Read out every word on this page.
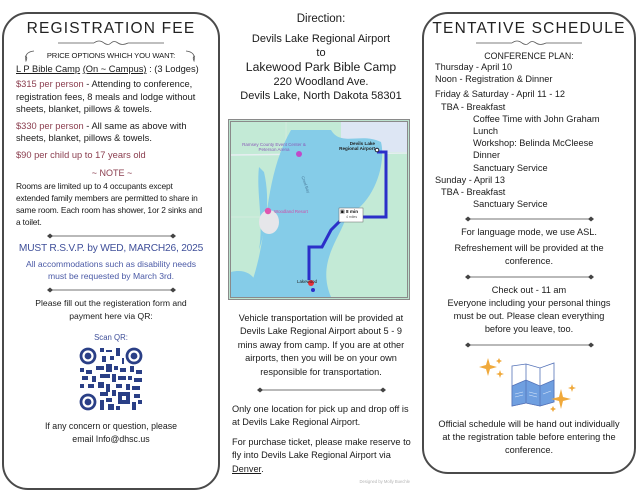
REGISTRATION FEE
PRICE OPTIONS WHICH YOU WANT:
L P Bible Camp (On ~ Campus) : (3 Lodges)
$315 per person - Attending to conference, registration fees, 8 meals and lodge without sheets, blanket, pillows & towels.
$330 per person - All same as above with sheets, blanket, pillows & towels.
$90 per child up to 17 years old
~ NOTE ~
Rooms are limited up to 4 occupants except extended family members are permitted to share in same room. Each room has shower, 1or 2 sinks and a toilet.
MUST R.S.V.P. by WED, MARCH26, 2025
All accommodations such as disability needs must be requested by March 3rd.
Please fill out the registeration form and payment here via QR:
Scan QR:
If any concern or question, please email Info@dhsc.us
Direction:
Devils Lake Regional Airport
to
Lakewood Park Bible Camp
220 Woodland Ave.
Devils Lake, North Dakota 58301
Ramsey County Event Center & Peterson Arena
Devils Lake
Regional Airport
Woodland Resort
Creel Bay
Lakewood
▣ 8 min
4 miles
Vehicle transportation will be provided at Devils Lake Regional Airport about 5 - 9 mins away from camp. If you are at other airports, then you will be on your own responsible for transportation.
Only one location for pick up and drop off is at Devils Lake Regional Airport.
For purchase ticket, please make reserve to fly into Devils Lake Regional Airport via Denver.
Designed by Molly Buechle
TENTATIVE SCHEDULE
CONFERENCE PLAN:
Thursday - April 10
Noon - Registration & Dinner
Friday & Saturday - April 11 - 12
TBA - Breakfast
Coffee Time with John Graham
Lunch
Workshop: Belinda McCleese
Dinner
Sanctuary Service
Sunday - April 13
TBA - Breakfast
Sanctuary Service
For language mode, we use ASL.
Refreshement will be provided at the conference.
Check out - 11 am
Everyone including your personal things must be out. Please clean everything before you leave, too.
Official schedule will be hand out individually at the registration table before entering the conference.
